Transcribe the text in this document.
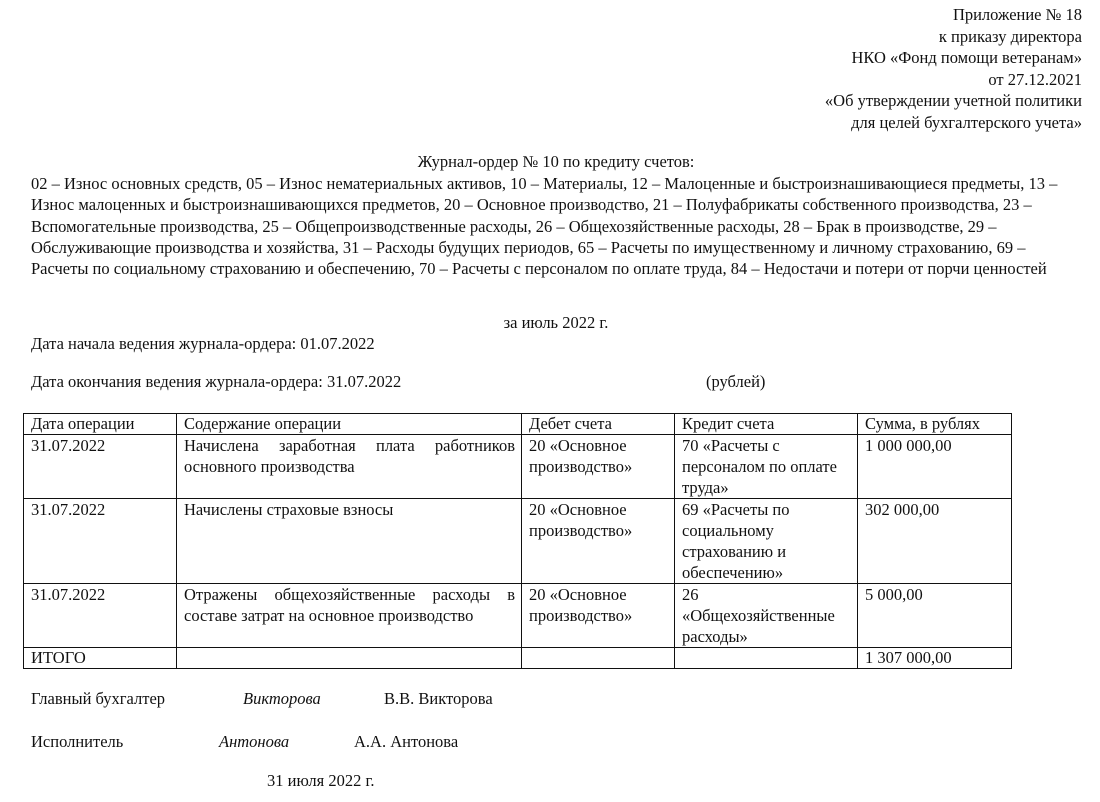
Приложение № 18
к приказу директора
НКО «Фонд помощи ветеранам»
от 27.12.2021
«Об утверждении учетной политики
для целей бухгалтерского учета»
Журнал-ордер № 10 по кредиту счетов:
02 – Износ основных средств, 05 – Износ нематериальных активов, 10 – Материалы, 12 – Малоценные и быстроизнашивающиеся предметы, 13 – Износ малоценных и быстроизнашивающихся предметов, 20 – Основное производство, 21 – Полуфабрикаты собственного производства, 23 – Вспомогательные производства, 25 – Общепроизводственные расходы, 26 – Общехозяйственные расходы, 28 – Брак в производстве, 29 – Обслуживающие производства и хозяйства, 31 – Расходы будущих периодов, 65 – Расчеты по имущественному и личному страхованию, 69 – Расчеты по социальному страхованию и обеспечению, 70 – Расчеты с персоналом по оплате труда, 84 – Недостачи и потери от порчи ценностей
за июль 2022 г.
Дата начала ведения журнала-ордера: 01.07.2022
Дата окончания ведения журнала-ордера: 31.07.2022	(рублей)
Дата операции	Содержание операции	Дебет счета	Кредит счета	Сумма, в рублях
31.07.2022	Начислена заработная плата работников основного производства	20 «Основное производство»	70 «Расчеты с персоналом по оплате труда»	1 000 000,00
31.07.2022	Начислены страховые взносы	20 «Основное производство»	69 «Расчеты по социальному страхованию и обеспечению»	302 000,00
31.07.2022	Отражены общехозяйственные расходы в составе затрат на основное производство	20 «Основное производство»	26 «Общехозяйственные расходы»	5 000,00
ИТОГО				1 307 000,00
Главный бухгалтер	Викторова	В.В. Викторова
Исполнитель	Антонова	А.А. Антонова
31 июля 2022 г.
